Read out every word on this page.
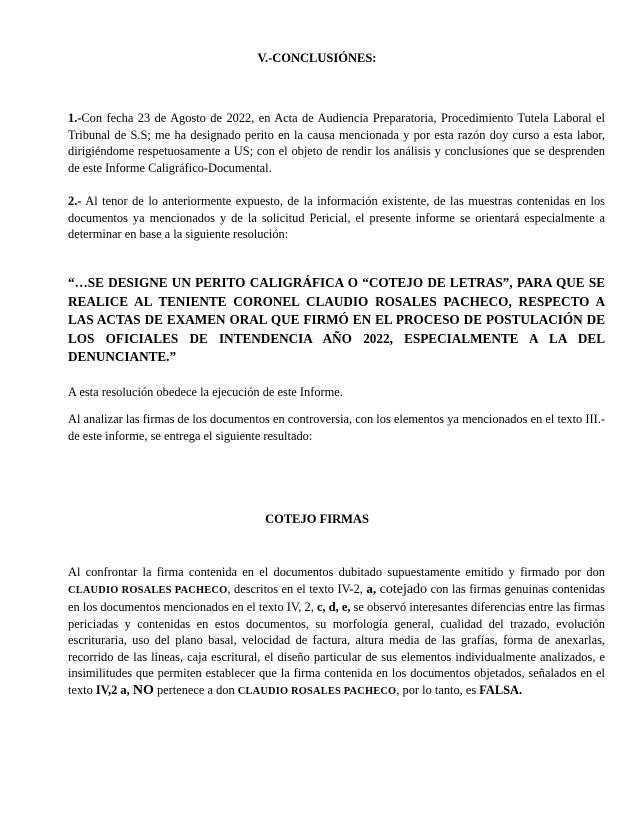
V.-CONCLUSIÓNES:
1.-Con fecha 23 de Agosto de 2022, en Acta de Audiencia Preparatoria, Procedimiento Tutela Laboral el Tribunal de S.S; me ha designado perito en la causa mencionada y por esta razón doy curso a esta labor, dirigiéndome respetuosamente a US; con el objeto de rendir los análisis y conclusiones que se desprenden de este Informe Caligráfico-Documental.
2.- Al tenor de lo anteriormente expuesto, de la información existente, de las muestras contenidas en los documentos ya mencionados y de la solicitud Pericial, el presente informe se orientará especialmente a determinar en base a la siguiente resolución:
“…SE DESIGNE UN PERITO CALIGRÁFICA O “COTEJO DE LETRAS”, PARA QUE SE REALICE AL TENIENTE CORONEL CLAUDIO ROSALES PACHECO, RESPECTO A LAS ACTAS DE EXAMEN ORAL QUE FIRMÓ EN EL PROCESO DE POSTULACIÓN DE LOS OFICIALES DE INTENDENCIA AÑO 2022, ESPECIALMENTE A LA DEL DENUNCIANTE.”
A esta resolución obedece la ejecución de este Informe.
Al analizar las firmas de los documentos en controversia, con los elementos ya mencionados en el texto III.- de este informe, se entrega el siguiente resultado:
COTEJO FIRMAS
Al confrontar la firma contenida en el documentos dubitado supuestamente emitido y firmado por don CLAUDIO ROSALES PACHECO, descritos en el texto IV-2, a, cotejado con las firmas genuinas contenidas en los documentos mencionados en el texto IV, 2, c, d, e, se observó interesantes diferencias entre las firmas periciadas y contenidas en estos documentos, su morfología general, cualidad del trazado, evolución escrituraria, uso del plano basal, velocidad de factura, altura media de las grafías, forma de anexarlas, recorrido de las líneas, caja escritural, el diseño particular de sus elementos individualmente analizados, e insimilitudes que permiten establecer que la firma contenida en los documentos objetados, señalados en el texto IV,2 a, NO pertenece a don CLAUDIO ROSALES PACHECO, por lo tanto, es FALSA.
